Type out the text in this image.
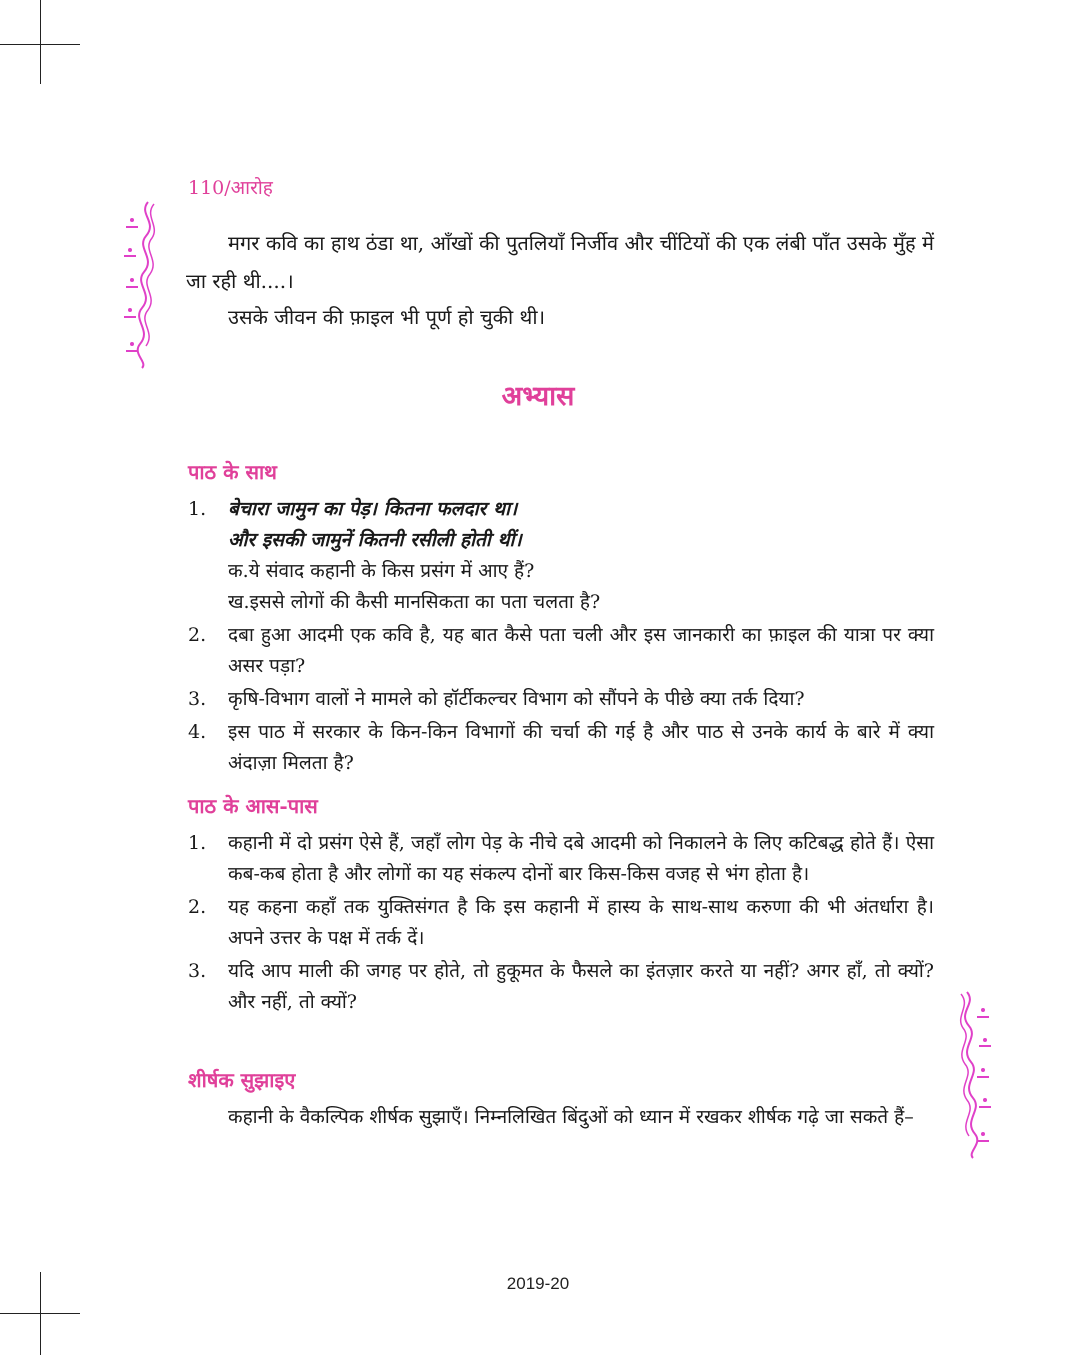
110/आरोह

मगर कवि का हाथ ठंडा था, आँखों की पुतलियाँ निर्जीव और चींटियों की एक लंबी पाँत उसके मुँह में जा रही थी....।

उसके जीवन की फ़ाइल भी पूर्ण हो चुकी थी।

अभ्यास
पाठ के साथ
1. बेचारा जामुन का पेड़। कितना फलदार था।
और इसकी जामुनें कितनी रसीली होती थीं।
क.ये संवाद कहानी के किस प्रसंग में आए हैं?
ख.इससे लोगों की कैसी मानसिकता का पता चलता है?
2. दबा हुआ आदमी एक कवि है, यह बात कैसे पता चली और इस जानकारी का फ़ाइल की यात्रा पर क्या असर पड़ा?
3. कृषि-विभाग वालों ने मामले को हॉर्टीकल्चर विभाग को सौंपने के पीछे क्या तर्क दिया?
4. इस पाठ में सरकार के किन-किन विभागों की चर्चा की गई है और पाठ से उनके कार्य के बारे में क्या अंदाज़ा मिलता है?
पाठ के आस-पास
1. कहानी में दो प्रसंग ऐसे हैं, जहाँ लोग पेड़ के नीचे दबे आदमी को निकालने के लिए कटिबद्ध होते हैं। ऐसा कब-कब होता है और लोगों का यह संकल्प दोनों बार किस-किस वजह से भंग होता है।
2. यह कहना कहाँ तक युक्तिसंगत है कि इस कहानी में हास्य के साथ-साथ करुणा की भी अंतर्धारा है। अपने उत्तर के पक्ष में तर्क दें।
3. यदि आप माली की जगह पर होते, तो हुकूमत के फैसले का इंतज़ार करते या नहीं? अगर हाँ, तो क्यों? और नहीं, तो क्यों?
शीर्षक सुझाइए

कहानी के वैकल्पिक शीर्षक सुझाएँ। निम्नलिखित बिंदुओं को ध्यान में रखकर शीर्षक गढ़े जा सकते हैं–

2019-20
